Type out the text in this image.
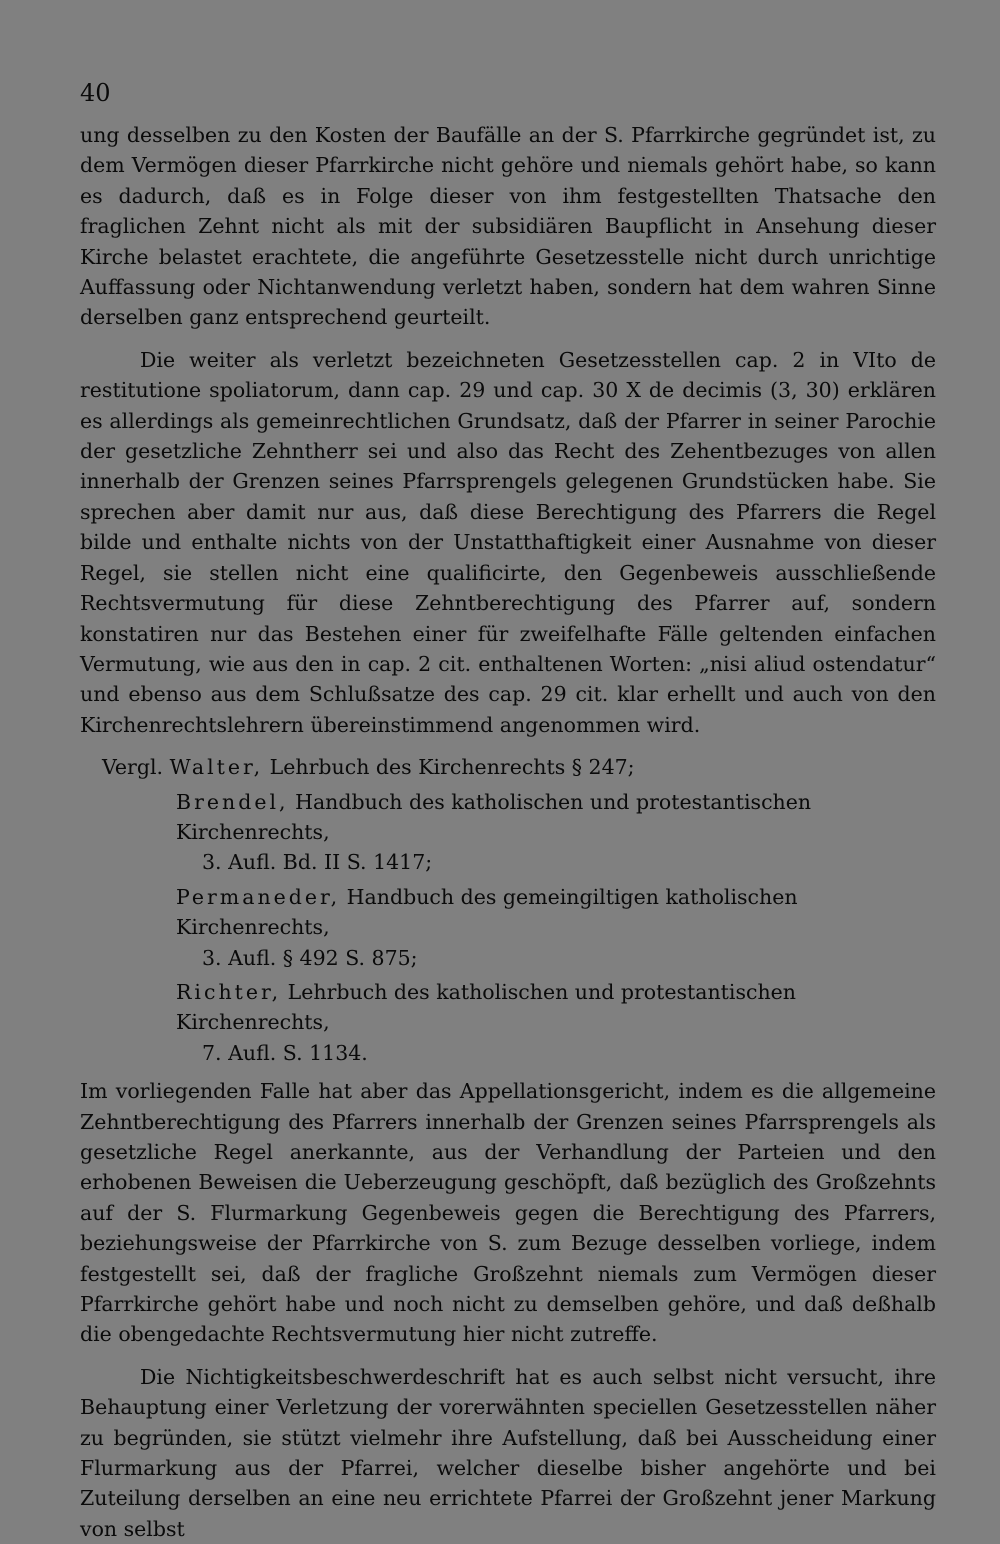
40

ung desselben zu den Kosten der Baufälle an der S. Pfarrkirche gegründet ist, zu dem Vermögen dieser Pfarrkirche nicht gehöre und niemals gehört habe, so kann es dadurch, daß es in Folge dieser von ihm festgestellten Thatsache den fraglichen Zehnt nicht als mit der subsidiären Baupflicht in Ansehung dieser Kirche belastet erachtete, die angeführte Gesetzesstelle nicht durch unrichtige Auffassung oder Nichtanwendung verletzt haben, sondern hat dem wahren Sinne derselben ganz entsprechend geurteilt.

Die weiter als verletzt bezeichneten Gesetzesstellen cap. 2 in VIto de restitutione spoliatorum, dann cap. 29 und cap. 30 X de decimis (3, 30) erklären es allerdings als gemeinrechtlichen Grundsatz, daß der Pfarrer in seiner Parochie der gesetzliche Zehntherr sei und also das Recht des Zehentbezuges von allen innerhalb der Grenzen seines Pfarrsprengels gelegenen Grundstücken habe. Sie sprechen aber damit nur aus, daß diese Berechtigung des Pfarrers die Regel bilde und enthalte nichts von der Unstatthaftigkeit einer Ausnahme von dieser Regel, sie stellen nicht eine qualificirte, den Gegenbeweis ausschließende Rechtsvermutung für diese Zehntberechtigung des Pfarrer auf, sondern konstatiren nur das Bestehen einer für zweifelhafte Fälle geltenden einfachen Vermutung, wie aus den in cap. 2 cit. enthaltenen Worten: „nisi aliud ostendatur“ und ebenso aus dem Schlußsatze des cap. 29 cit. klar erhellt und auch von den Kirchenrechtslehrern übereinstimmend angenommen wird.

Vergl. Walter, Lehrbuch des Kirchenrechts § 247;
Brendel, Handbuch des katholischen und protestantischen Kirchenrechts,
3. Aufl. Bd. II S. 1417;
Permaneder, Handbuch des gemeingiltigen katholischen Kirchenrechts,
3. Aufl. § 492 S. 875;
Richter, Lehrbuch des katholischen und protestantischen Kirchenrechts,
7. Aufl. S. 1134.

Im vorliegenden Falle hat aber das Appellationsgericht, indem es die allgemeine Zehntberechtigung des Pfarrers innerhalb der Grenzen seines Pfarrsprengels als gesetzliche Regel anerkannte, aus der Verhandlung der Parteien und den erhobenen Beweisen die Ueberzeugung geschöpft, daß bezüglich des Großzehnts auf der S. Flurmarkung Gegenbeweis gegen die Berechtigung des Pfarrers, beziehungsweise der Pfarrkirche von S. zum Bezuge desselben vorliege, indem festgestellt sei, daß der fragliche Großzehnt niemals zum Vermögen dieser Pfarrkirche gehört habe und noch nicht zu demselben gehöre, und daß deßhalb die obengedachte Rechtsvermutung hier nicht zutreffe.

Die Nichtigkeitsbeschwerdeschrift hat es auch selbst nicht versucht, ihre Behauptung einer Verletzung der vorerwähnten speciellen Gesetzesstellen näher zu begründen, sie stützt vielmehr ihre Aufstellung, daß bei Ausscheidung einer Flurmarkung aus der Pfarrei, welcher dieselbe bisher angehörte und bei Zuteilung derselben an eine neu errichtete Pfarrei der Großzehnt jener Markung von selbst
